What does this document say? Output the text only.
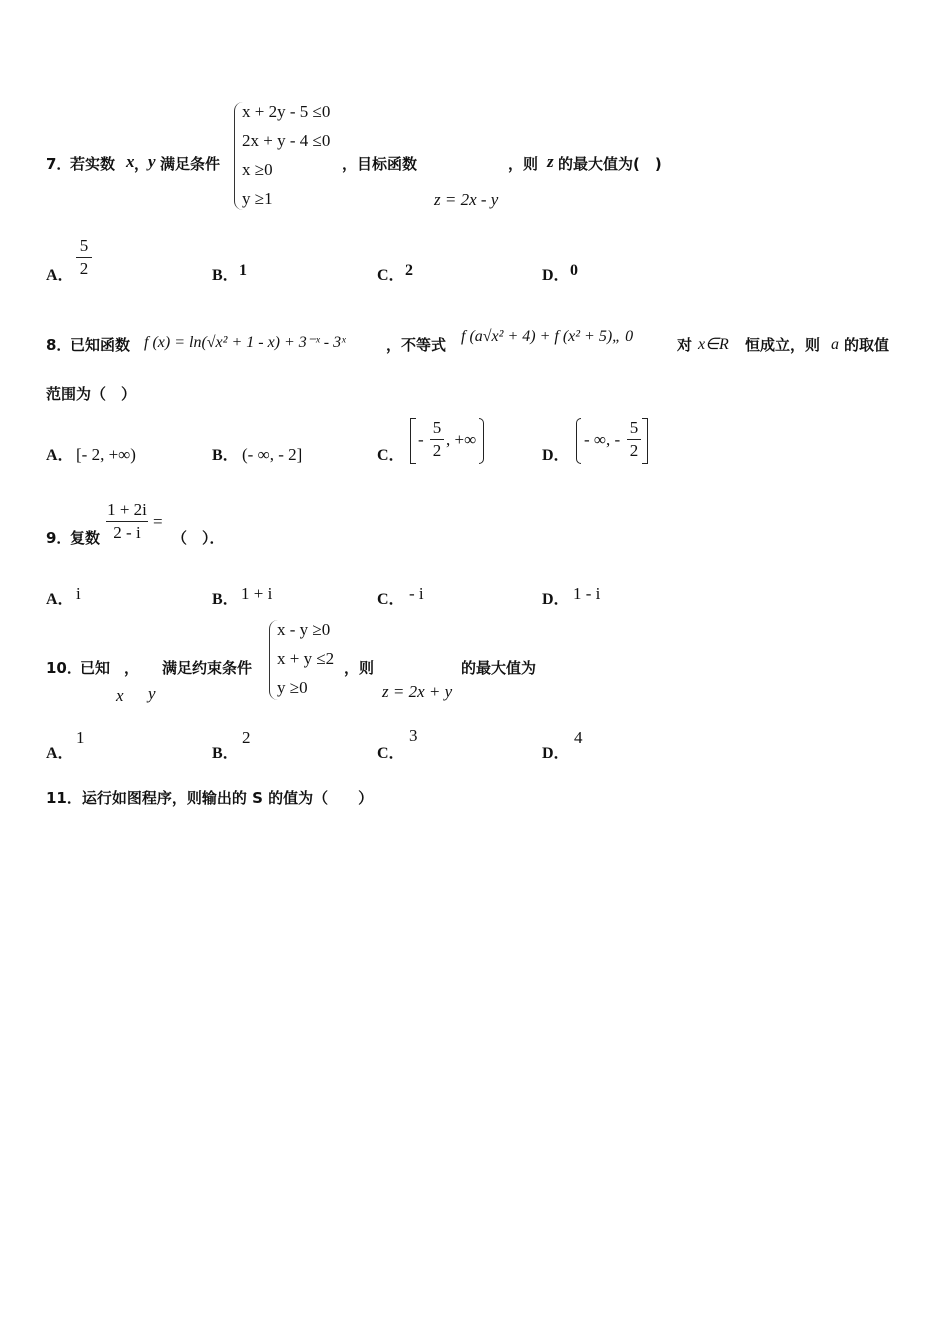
7．
若实数 x ，
y 满足条件
x + 2y - 5 ≤0
2x + y - 4 ≤0
x ≥0
y ≥1
，目标函数
z = 2x - y
，则 z 的最大值为(　)
A．
5
2	B． 1	C． 2	D． 0
8．
已知函数 f (x) = ln(√x² + 1 - x) + 3⁻ˣ - 3ˣ	，不等式 f (a√x² + 4) + f (x² + 5)„ 0	对 x∈R 恒成立，则 a 的取值
范围为（　）
A． [- 2, +∞)	B． (- ∞, - 2]	C．
-
5
2
, +∞
D．
- ∞, -
5
2
9．
复数
1 + 2i
2 - i
=
（　）．
A． i	B． 1 + i	C． - i	D． 1 - i
10．
已知 ，
x y
满足约束条件
x - y ≥0
x + y ≤2
y ≥0
，则
z = 2x + y
的最大值为
A．
1
B．
2
C．
3
D．
4
11．运行如图程序，则输出的 S 的值为（　　）
